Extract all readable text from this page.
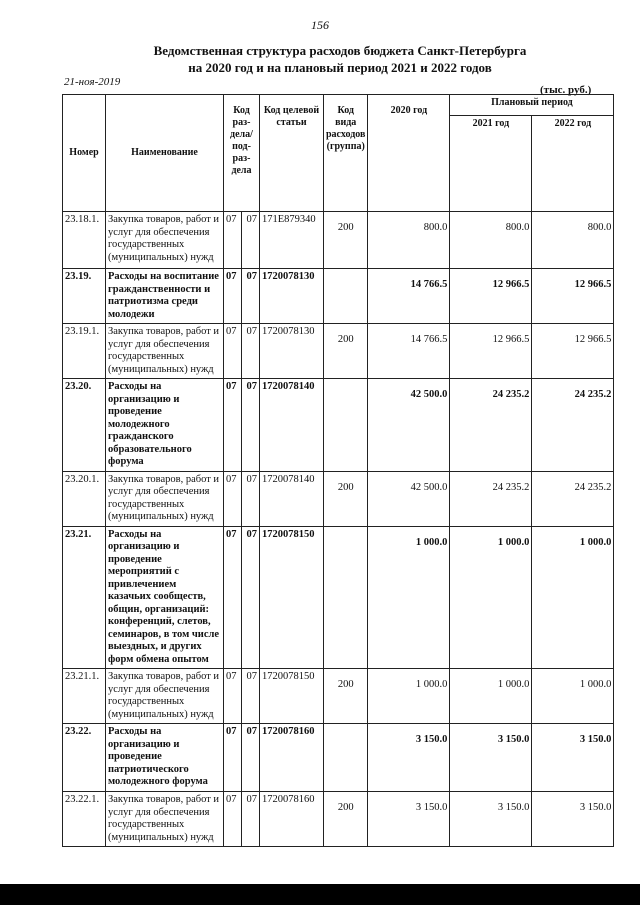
156
Ведомственная структура расходов бюджета Санкт-Петербурга
на 2020 год и на плановый период 2021 и 2022 годов
21-ноя-2019
(тыс. руб.)
Номер	Наименование	Код раз- дела/ под- раз- дела		Код целевой статьи	Код вида расходов (группа)	2020 год	Плановый период	
							2021 год	2022 год
23.18.1.	Закупка товаров, работ и услуг для обеспечения государственных (муниципальных) нужд	07	07	171E879340	200	800.0	800.0	800.0
23.19.	Расходы на воспитание гражданственности и патриотизма среди молодежи	07	07	1720078130		14 766.5	12 966.5	12 966.5
23.19.1.	Закупка товаров, работ и услуг для обеспечения государственных (муниципальных) нужд	07	07	1720078130	200	14 766.5	12 966.5	12 966.5
23.20.	Расходы на организацию и проведение молодежного гражданского образовательного форума	07	07	1720078140		42 500.0	24 235.2	24 235.2
23.20.1.	Закупка товаров, работ и услуг для обеспечения государственных (муниципальных) нужд	07	07	1720078140	200	42 500.0	24 235.2	24 235.2
23.21.	Расходы на организацию и проведение мероприятий с привлечением казачьих сообществ, общин, организаций: конференций, слетов, семинаров, в том числе выездных, и других форм обмена опытом	07	07	1720078150		1 000.0	1 000.0	1 000.0
23.21.1.	Закупка товаров, работ и услуг для обеспечения государственных (муниципальных) нужд	07	07	1720078150	200	1 000.0	1 000.0	1 000.0
23.22.	Расходы на организацию и проведение патриотического молодежного форума	07	07	1720078160		3 150.0	3 150.0	3 150.0
23.22.1.	Закупка товаров, работ и услуг для обеспечения государственных (муниципальных) нужд	07	07	1720078160	200	3 150.0	3 150.0	3 150.0
